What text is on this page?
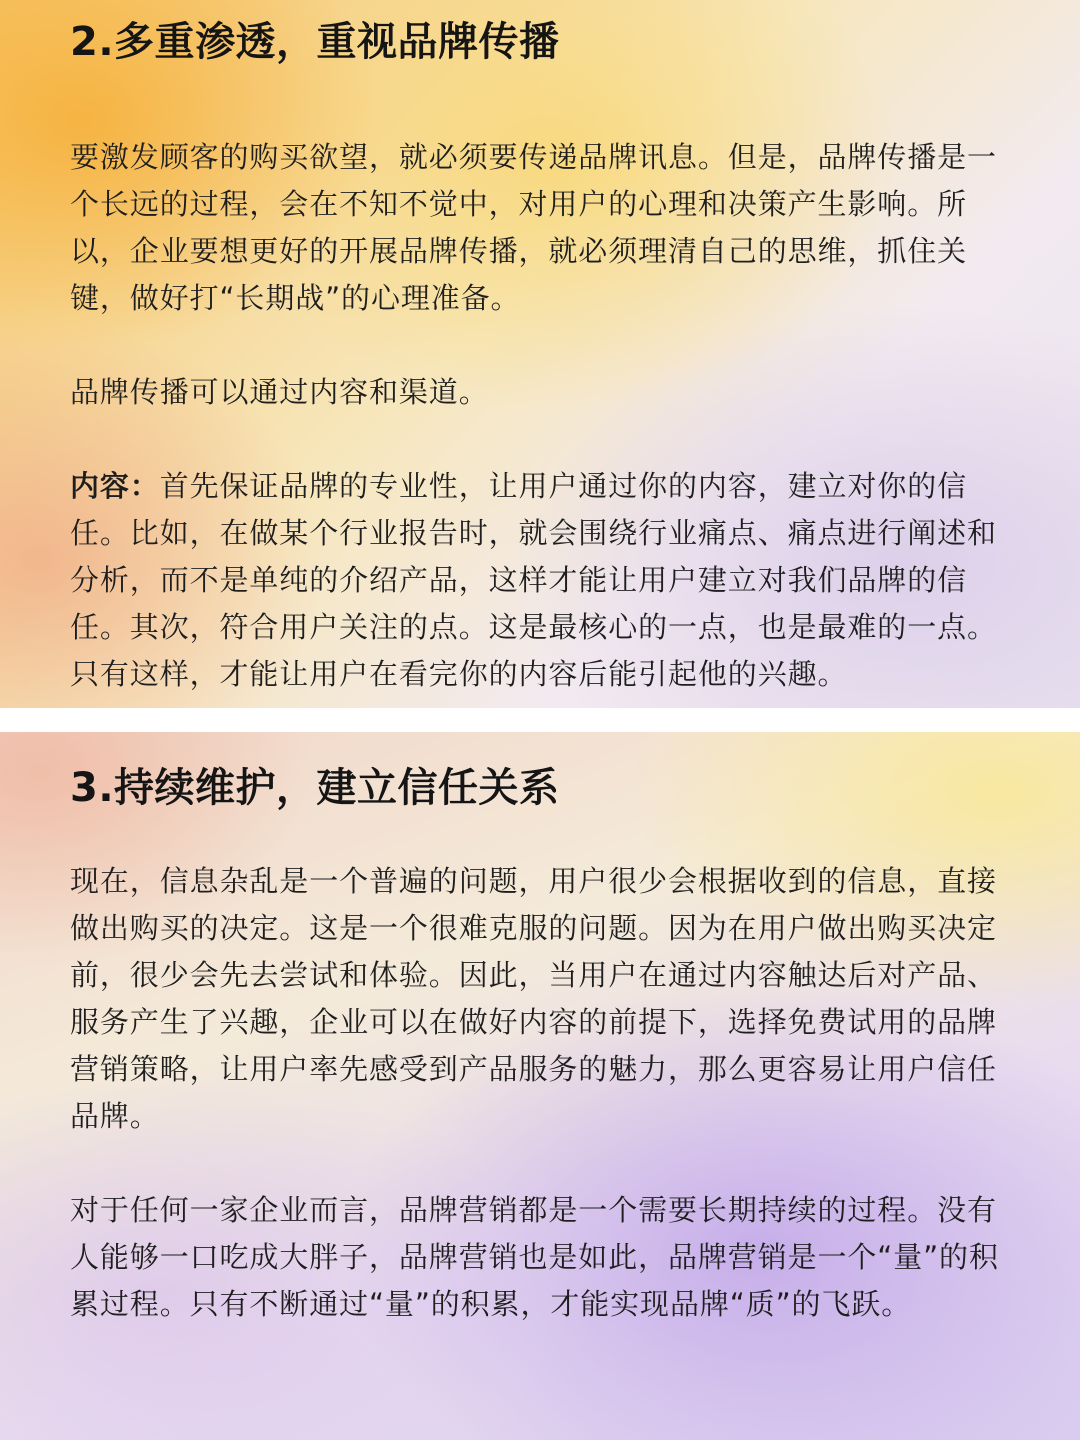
2.多重渗透，重视品牌传播

要激发顾客的购买欲望，就必须要传递品牌讯息。但是，品牌传播是一个长远的过程，会在不知不觉中，对用户的心理和决策产生影响。所以，企业要想更好的开展品牌传播，就必须理清自己的思维，抓住关键，做好打“长期战”的心理准备。

品牌传播可以通过内容和渠道。

内容：首先保证品牌的专业性，让用户通过你的内容，建立对你的信任。比如，在做某个行业报告时，就会围绕行业痛点、痛点进行阐述和分析，而不是单纯的介绍产品，这样才能让用户建立对我们品牌的信任。其次，符合用户关注的点。这是最核心的一点，也是最难的一点。只有这样，才能让用户在看完你的内容后能引起他的兴趣。

3.持续维护，建立信任关系

现在，信息杂乱是一个普遍的问题，用户很少会根据收到的信息，直接做出购买的决定。这是一个很难克服的问题。因为在用户做出购买决定前，很少会先去尝试和体验。因此，当用户在通过内容触达后对产品、服务产生了兴趣，企业可以在做好内容的前提下，选择免费试用的品牌营销策略，让用户率先感受到产品服务的魅力，那么更容易让用户信任品牌。

对于任何一家企业而言，品牌营销都是一个需要长期持续的过程。没有人能够一口吃成大胖子，品牌营销也是如此，品牌营销是一个“量”的积累过程。只有不断通过“量”的积累，才能实现品牌“质”的飞跃。
